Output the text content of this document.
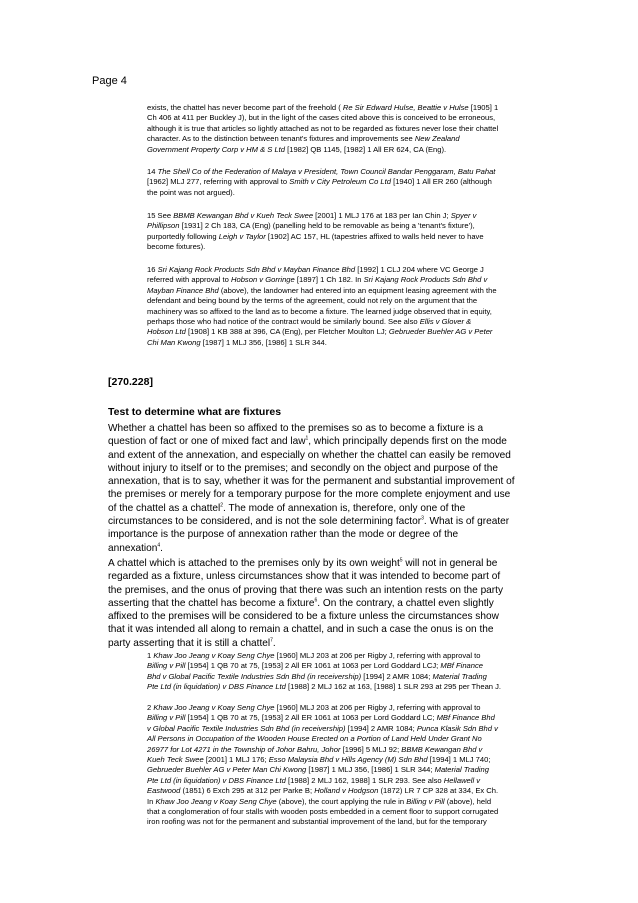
Page 4

exists, the chattel has never become part of the freehold ( Re Sir Edward Hulse, Beattie v Hulse [1905] 1

Ch 406 at 411 per Buckley J), but in the light of the cases cited above this is conceived to be erroneous,

although it is true that articles so lightly attached as not to be regarded as fixtures never lose their chattel

character. As to the distinction between tenant's fixtures and improvements see New Zealand

Government Property Corp v HM & S Ltd [1982] QB 1145, [1982] 1 All ER 624, CA (Eng).

14 The Shell Co of the Federation of Malaya v President, Town Council Bandar Penggaram, Batu Pahat

[1962] MLJ 277, referring with approval to Smith v City Petroleum Co Ltd [1940] 1 All ER 260 (although

the point was not argued).

15 See BBMB Kewangan Bhd v Kueh Teck Swee [2001] 1 MLJ 176 at 183 per Ian Chin J; Spyer v

Phillipson [1931] 2 Ch 183, CA (Eng) (panelling held to be removable as being a 'tenant's fixture'),

purportedly following Leigh v Taylor [1902] AC 157, HL (tapestries affixed to walls held never to have

become fixtures).

16 Sri Kajang Rock Products Sdn Bhd v Mayban Finance Bhd [1992] 1 CLJ 204 where VC George J

referred with approval to Hobson v Gorringe [1897] 1 Ch 182. In Sri Kajang Rock Products Sdn Bhd v

Mayban Finance Bhd (above), the landowner had entered into an equipment leasing agreement with the

defendant and being bound by the terms of the agreement, could not rely on the argument that the

machinery was so affixed to the land as to become a fixture. The learned judge observed that in equity,

perhaps those who had notice of the contract would be similarly bound. See also Ellis v Glover &

Hobson Ltd [1908] 1 KB 388 at 396, CA (Eng), per Fletcher Moulton LJ; Gebrueder Buehler AG v Peter

Chi Man Kwong [1987] 1 MLJ 356, [1986] 1 SLR 344.

[270.228]
Test to determine what are fixtures

Whether a chattel has been so affixed to the premises so as to become a fixture is a

question of fact or one of mixed fact and law$^1$, which principally depends first on the mode

and extent of the annexation, and especially on whether the chattel can easily be removed

without injury to itself or to the premises; and secondly on the object and purpose of the

annexation, that is to say, whether it was for the permanent and substantial improvement of

the premises or merely for a temporary purpose for the more complete enjoyment and use

of the chattel as a chattel$^2$. The mode of annexation is, therefore, only one of the

circumstances to be considered, and is not the sole determining factor$^3$. What is of greater

importance is the purpose of annexation rather than the mode or degree of the

annexation$^4$.

A chattel which is attached to the premises only by its own weight$^5$ will not in general be

regarded as a fixture, unless circumstances show that it was intended to become part of

the premises, and the onus of proving that there was such an intention rests on the party

asserting that the chattel has become a fixture$^6$. On the contrary, a chattel even slightly

affixed to the premises will be considered to be a fixture unless the circumstances show

that it was intended all along to remain a chattel, and in such a case the onus is on the

party asserting that it is still a chattel$^7$.

1 Khaw Joo Jeang v Koay Seng Chye [1960] MLJ 203 at 206 per Rigby J, referring with approval to

Billing v Pill [1954] 1 QB 70 at 75, [1953] 2 All ER 1061 at 1063 per Lord Goddard LCJ; MBf Finance

Bhd v Global Pacific Textile Industries Sdn Bhd (in receivership) [1994] 2 AMR 1084; Material Trading

Pte Ltd (in liquidation) v DBS Finance Ltd [1988] 2 MLJ 162 at 163, [1988] 1 SLR 293 at 295 per Thean J.

2 Khaw Joo Jeang v Koay Seng Chye [1960] MLJ 203 at 206 per Rigby J, referring with approval to

Billing v Pill [1954] 1 QB 70 at 75, [1953] 2 All ER 1061 at 1063 per Lord Goddard LC; MBf Finance Bhd

v Global Pacific Textile Industries Sdn Bhd (in receivership) [1994] 2 AMR 1084; Punca Klasik Sdn Bhd v

All Persons in Occupation of the Wooden House Erected on a Portion of Land Held Under Grant No

26977 for Lot 4271 in the Township of Johor Bahru, Johor [1996] 5 MLJ 92; BBMB Kewangan Bhd v

Kueh Teck Swee [2001] 1 MLJ 176; Esso Malaysia Bhd v Hills Agency (M) Sdn Bhd [1994] 1 MLJ 740;

Gebrueder Buehler AG v Peter Man Chi Kwong [1987] 1 MLJ 356, [1986] 1 SLR 344; Material Trading

Pte Ltd (in liquidation) v DBS Finance Ltd [1988] 2 MLJ 162, 1988] 1 SLR 293. See also Hellawell v

Eastwood (1851) 6 Exch 295 at 312 per Parke B; Holland v Hodgson (1872) LR 7 CP 328 at 334, Ex Ch.

In Khaw Joo Jeang v Koay Seng Chye (above), the court applying the rule in Billing v Pill (above), held

that a conglomeration of four stalls with wooden posts embedded in a cement floor to support corrugated

iron roofing was not for the permanent and substantial improvement of the land, but for the temporary
